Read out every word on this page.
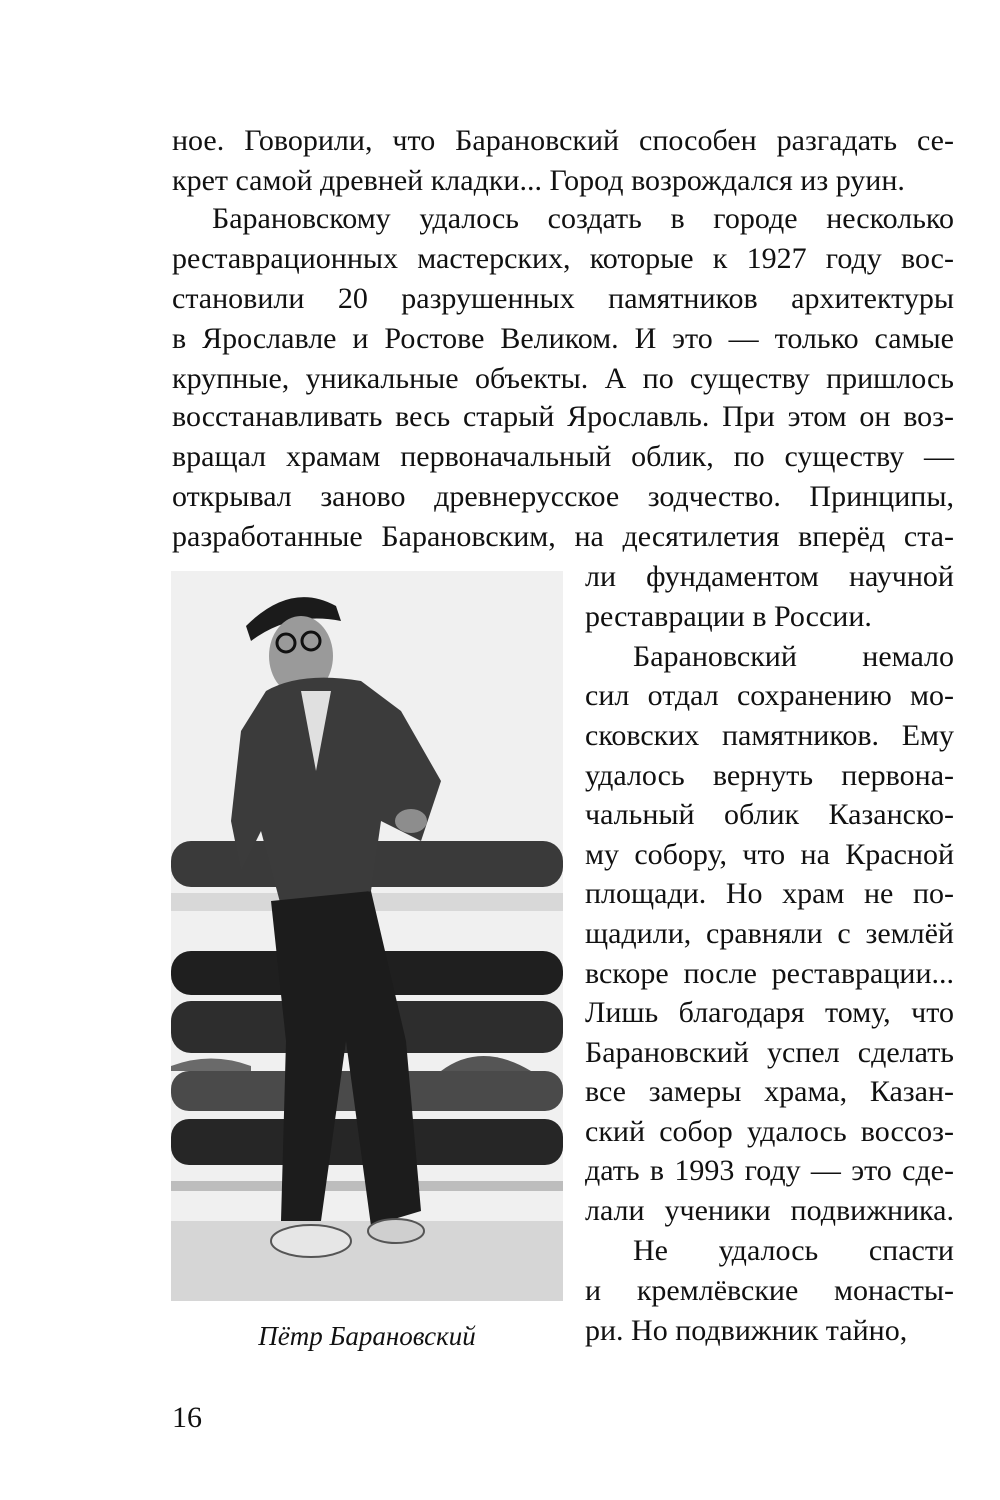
ное. Говорили, что Барановский способен разгадать се-

крет самой древней кладки... Город возрождался из руин.

Барановскому удалось создать в городе несколько

реставрационных мастерских, которые к 1927 году вос-

становили 20 разрушенных памятников архитектуры

в Ярославле и Ростове Великом. И это — только самые

крупные, уникальные объекты. А по существу пришлось

восстанавливать весь старый Ярославль. При этом он воз-

вращал храмам первоначальный облик, по существу —

открывал заново древнерусское зодчество. Принципы,

разработанные Барановским, на десятилетия вперёд ста-

ли фундаментом научной

реставрации в России.

Барановский немало

сил отдал сохранению мо-

сковских памятников. Ему

удалось вернуть первона-

чальный облик Казанско-

му собору, что на Красной

площади. Но храм не по-

щадили, сравняли с землёй

вскоре после реставрации...

Лишь благодаря тому, что

Барановский успел сделать

все замеры храма, Казан-

ский собор удалось воссоз-

дать в 1993 году — это сде-

лали ученики подвижника.

Не удалось спасти

и кремлёвские монасты-

ри. Но подвижник тайно,

Пётр Барановский
16
